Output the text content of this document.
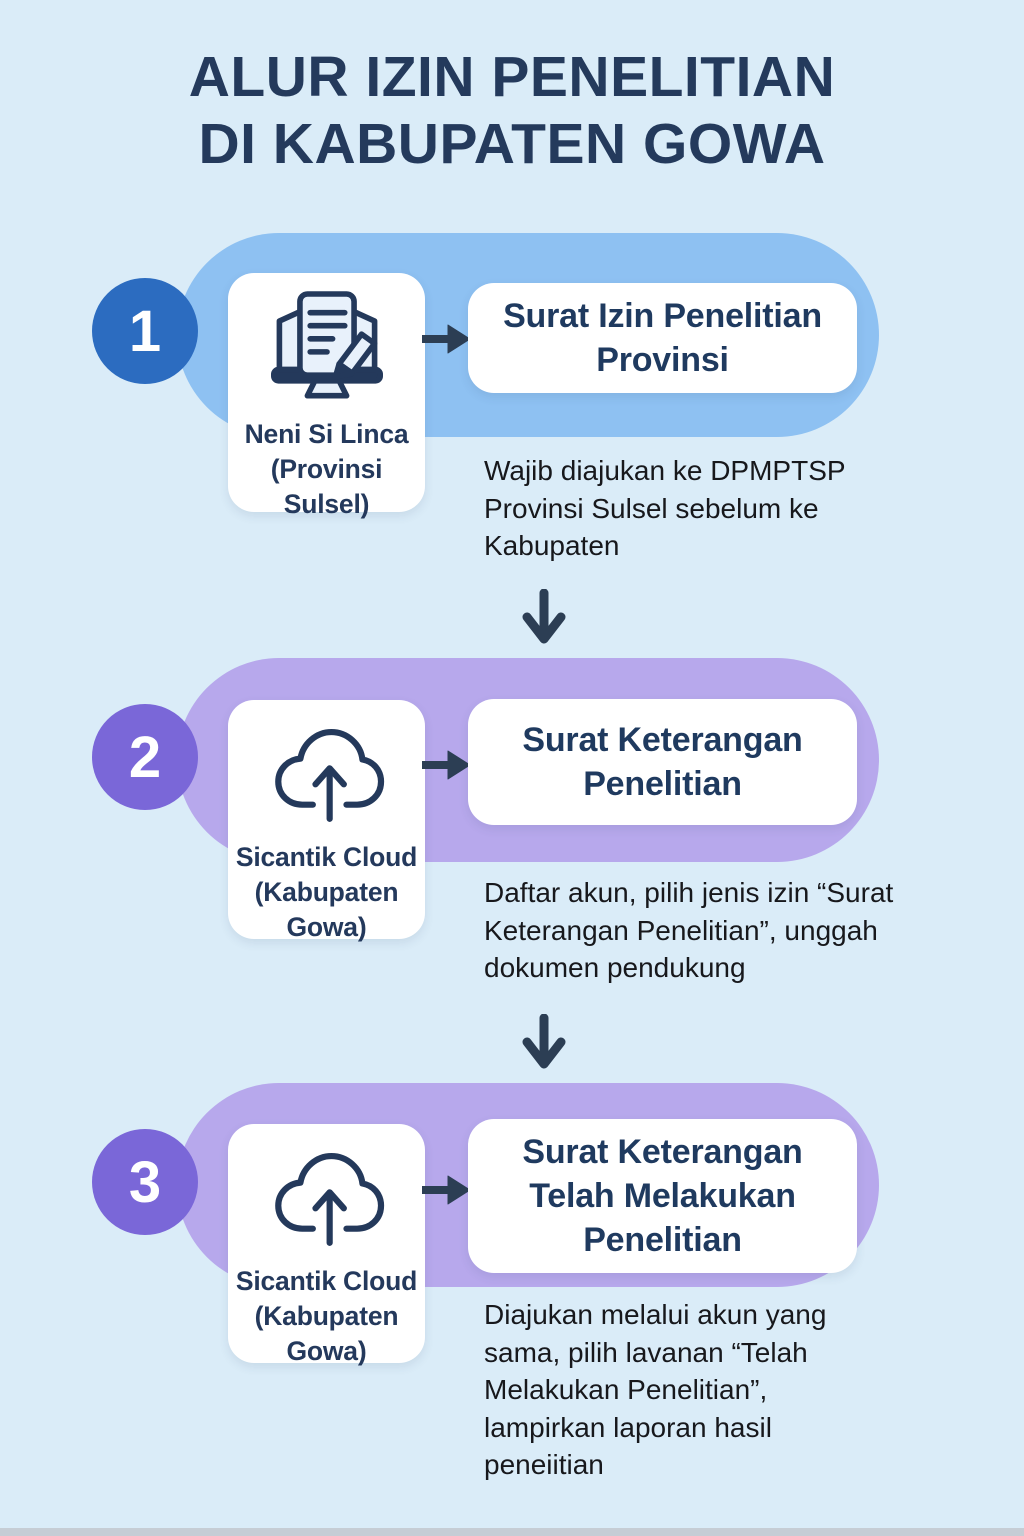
ALUR IZIN PENELITIAN
DI KABUPATEN GOWA
1
Neni Si Linca (Provinsi Sulsel)
Surat Izin Penelitian Provinsi
Wajib diajukan ke DPMPTSP Provinsi Sulsel sebelum ke Kabupaten
2
Sicantik Cloud (Kabupaten Gowa)
Surat Keterangan Penelitian
Daftar akun, pilih jenis izin “Surat Keterangan Penelitian”, unggah dokumen pendukung
3
Sicantik Cloud (Kabupaten Gowa)
Surat Keterangan Telah Melakukan Penelitian
Diajukan melalui akun yang sama, pilih lavanan “Telah Melakukan Penelitian”, lampirkan laporan hasil peneiitian
